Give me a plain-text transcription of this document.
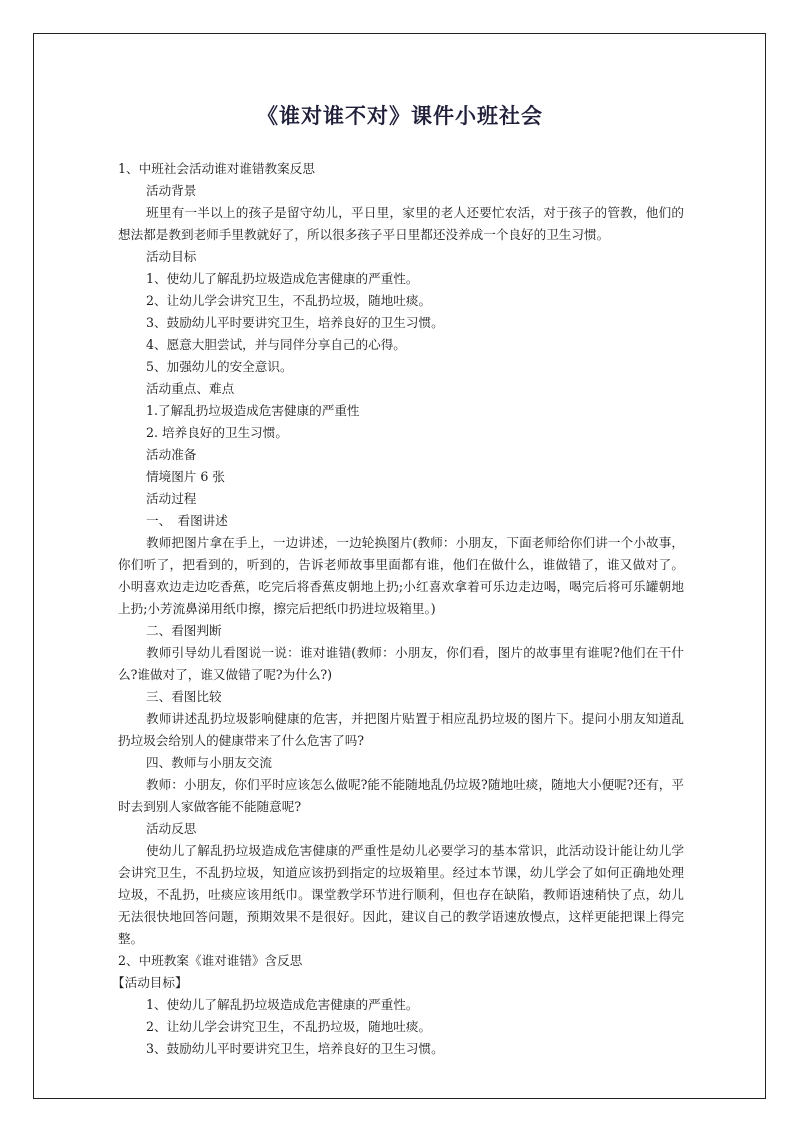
《谁对谁不对》课件小班社会
1、中班社会活动谁对谁错教案反思
活动背景
班里有一半以上的孩子是留守幼儿，平日里，家里的老人还要忙农活，对于孩子的管教，他们的想法都是教到老师手里教就好了，所以很多孩子平日里都还没养成一个良好的卫生习惯。
活动目标
1、使幼儿了解乱扔垃圾造成危害健康的严重性。
2、让幼儿学会讲究卫生，不乱扔垃圾，随地吐痰。
3、鼓励幼儿平时要讲究卫生，培养良好的卫生习惯。
4、愿意大胆尝试，并与同伴分享自己的心得。
5、加强幼儿的安全意识。
活动重点、难点
1.了解乱扔垃圾造成危害健康的严重性
2. 培养良好的卫生习惯。
活动准备
情境图片 6 张
活动过程
一、　看图讲述
教师把图片拿在手上，一边讲述，一边轮换图片(教师：小朋友，下面老师给你们讲一个小故事，你们听了，把看到的，听到的，告诉老师故事里面都有谁，他们在做什么，谁做错了，谁又做对了。小明喜欢边走边吃香蕉，吃完后将香蕉皮朝地上扔;小红喜欢拿着可乐边走边喝，喝完后将可乐罐朝地上扔;小芳流鼻涕用纸巾擦，擦完后把纸巾扔进垃圾箱里。)
二、看图判断
教师引导幼儿看图说一说：谁对谁错(教师：小朋友，你们看，图片的故事里有谁呢?他们在干什么?谁做对了，谁又做错了呢?为什么?)
三、看图比较
教师讲述乱扔垃圾影响健康的危害，并把图片贴置于相应乱扔垃圾的图片下。提问小朋友知道乱扔垃圾会给别人的健康带来了什么危害了吗?
四、教师与小朋友交流
教师：小朋友，你们平时应该怎么做呢?能不能随地乱仍垃圾?随地吐痰，随地大小便呢?还有，平时去到别人家做客能不能随意呢?
活动反思
使幼儿了解乱扔垃圾造成危害健康的严重性是幼儿必要学习的基本常识，此活动设计能让幼儿学会讲究卫生，不乱扔垃圾，知道应该扔到指定的垃圾箱里。经过本节课，幼儿学会了如何正确地处理垃圾，不乱扔，吐痰应该用纸巾。课堂教学环节进行顺利，但也存在缺陷，教师语速稍快了点，幼儿无法很快地回答问题，预期效果不是很好。因此，建议自己的教学语速放慢点，这样更能把课上得完整。
2、中班教案《谁对谁错》含反思
【活动目标】
1、使幼儿了解乱扔垃圾造成危害健康的严重性。
2、让幼儿学会讲究卫生，不乱扔垃圾，随地吐痰。
3、鼓励幼儿平时要讲究卫生，培养良好的卫生习惯。
